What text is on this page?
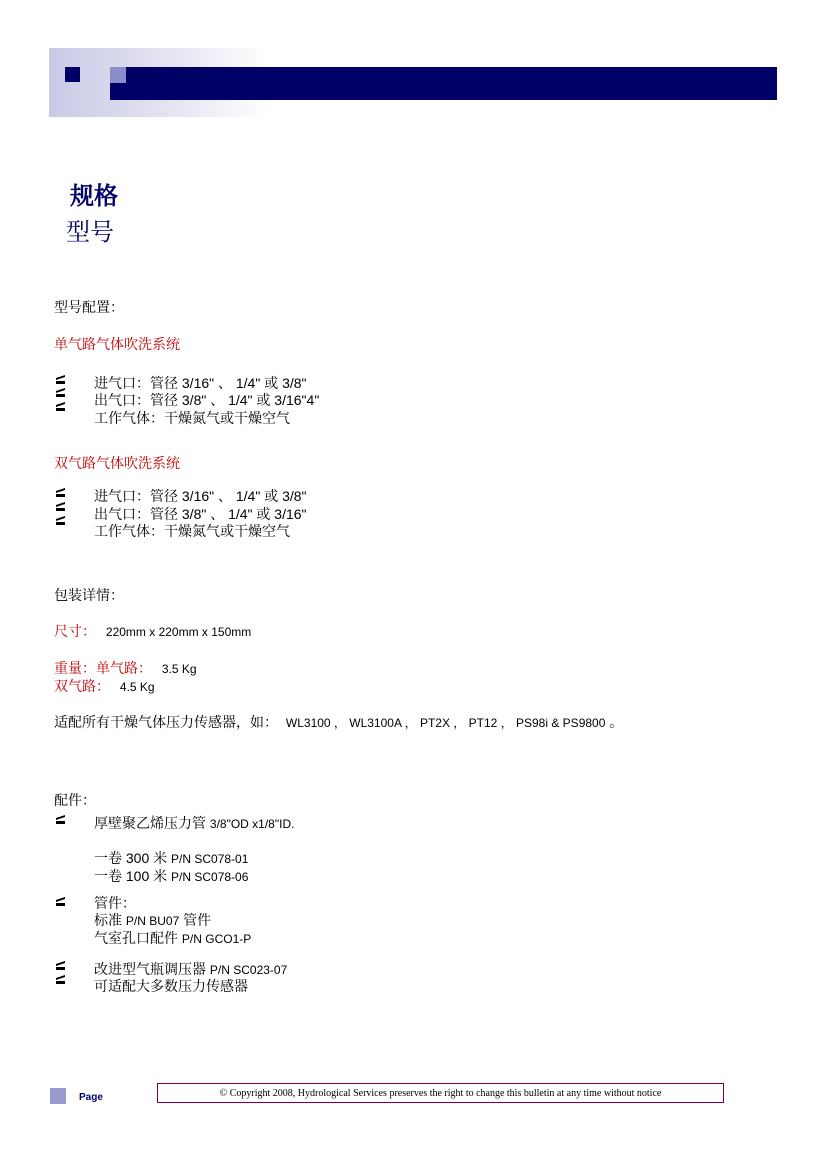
规格
型号
型号配置：
单气路气体吹洗系统
进气口：管径 3/16" 、 1/4" 或 3/8"
出气口：管径 3/8" 、 1/4" 或 3/16"4"
工作气体：干燥氮气或干燥空气
双气路气体吹洗系统
进气口：管径 3/16" 、 1/4" 或 3/8"
出气口：管径 3/8" 、 1/4" 或 3/16"
工作气体：干燥氮气或干燥空气
包装详情：
尺寸： 220mm x 220mm x 150mm
重量：单气路： 3.5 Kg
双气路： 4.5 Kg
适配所有干燥气体压力传感器，如： WL3100 ， WL3100A ， PT2X ， PT12 ， PS98i & PS9800 。
配件：
厚壁聚乙烯压力管 3/8"OD x1/8"ID.
一卷 300 米 P/N SC078-01
一卷 100 米 P/N SC078-06
管件：
标准 P/N BU07 管件
气室孔口配件 P/N GCO1-P
改进型气瓶调压器 P/N SC023-07
可适配大多数压力传感器
Page	© Copyright 2008, Hydrological Services preserves the right to change this bulletin at any time without notice
